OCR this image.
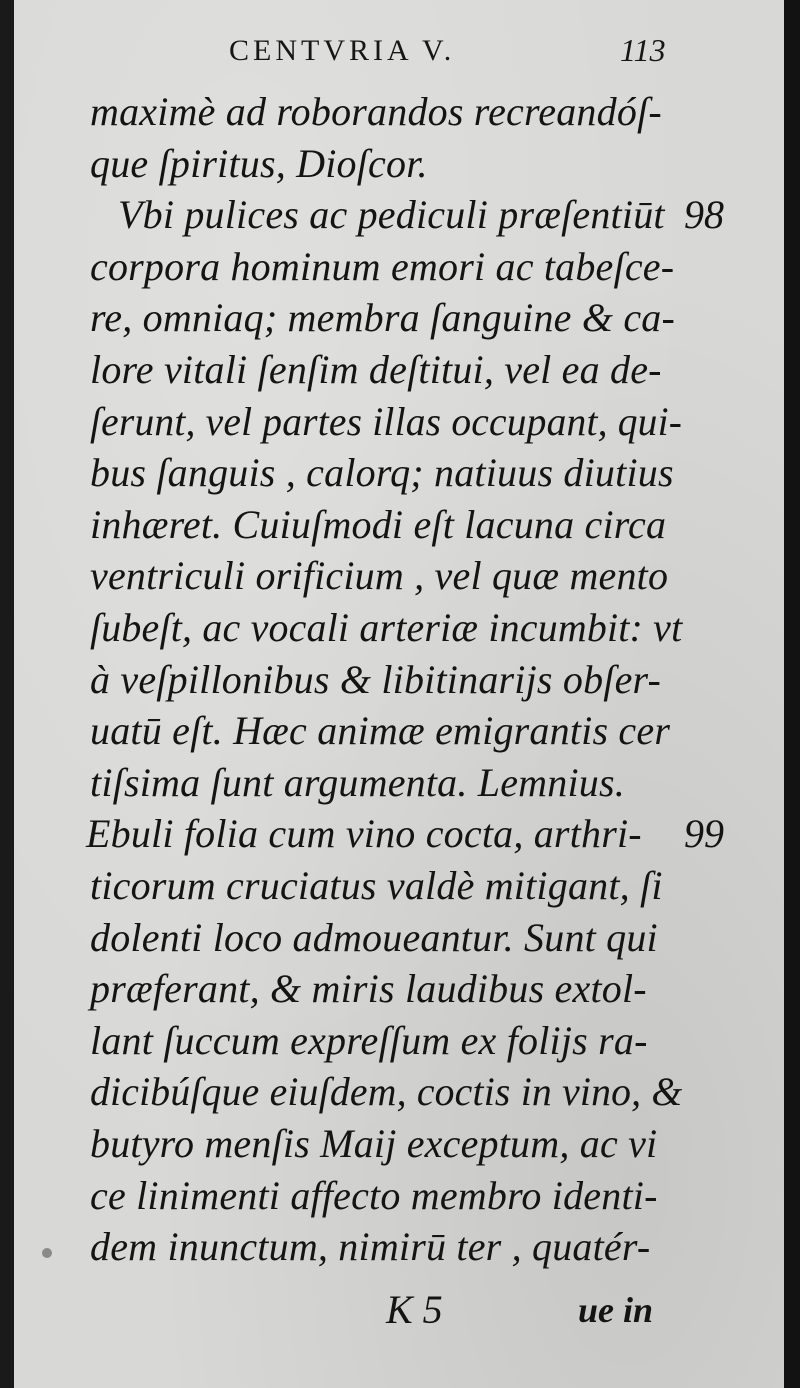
CENTVRIA V.	113
maximè ad roborandos recreandóſ-
que ſpiritus, Dioſcor.
Vbi pulices ac pediculi præſentiūt
corpora hominum emori ac tabeſce-
re, omniaq; membra ſanguine & ca-
lore vitali ſenſim deſtitui, vel ea de-
ſerunt, vel partes illas occupant, qui-
bus ſanguis , calorq; natiuus diutius
inhæret. Cuiuſmodi eſt lacuna circa
ventriculi orificium , vel quæ mento
ſubeſt, ac vocali arteriæ incumbit: vt
à veſpillonibus & libitinarijs obſer-
uatū eſt. Hæc animæ emigrantis cer
tiſsima ſunt argumenta. Lemnius.
Ebuli folia cum vino cocta, arthri-
ticorum cruciatus valdè mitigant, ſi
dolenti loco admoueantur. Sunt qui
præferant, & miris laudibus extol-
lant ſuccum expreſſum ex folijs ra-
dicibúſque eiuſdem, coctis in vino, &
butyro menſis Maij exceptum, ac vi
ce linimenti affecto membro identi-
dem inunctum, nimirū ter , quatér-
98
99
K 5	ue in
